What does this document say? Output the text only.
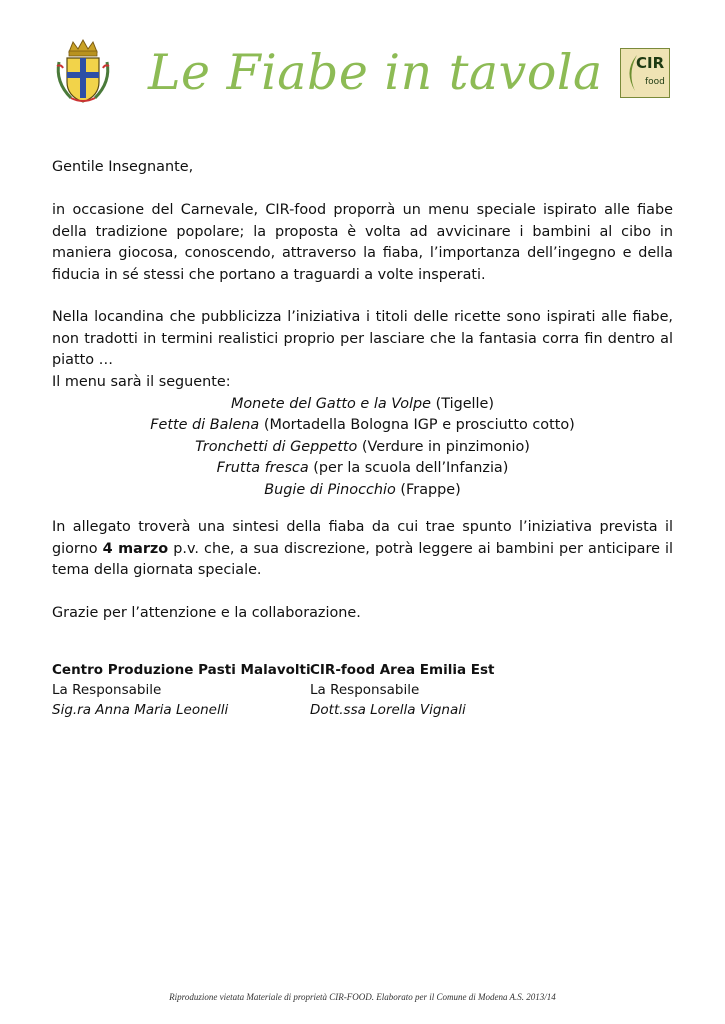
Le Fiabe in tavola CIR
food

Gentile Insegnante,

in occasione del Carnevale, CIR-food proporrà un menu speciale ispirato alle fiabe della tradizione popolare; la proposta è volta ad avvicinare i bambini al cibo in maniera giocosa, conoscendo, attraverso la fiaba, l’importanza dell’ingegno e della fiducia in sé stessi che portano a traguardi a volte insperati.

Nella locandina che pubblicizza l’iniziativa i titoli delle ricette sono ispirati alle fiabe, non tradotti in termini realistici proprio per lasciare che la fantasia corra fin dentro al piatto …

Il menu sarà il seguente:

Monete del Gatto e la Volpe (Tigelle)

Fette di Balena (Mortadella Bologna IGP e prosciutto cotto)

Tronchetti di Geppetto (Verdure in pinzimonio)

Frutta fresca (per la scuola dell’Infanzia)

Bugie di Pinocchio (Frappe)

In allegato troverà una sintesi della fiaba da cui trae spunto l’iniziativa prevista il giorno 4 marzo p.v. che, a sua discrezione, potrà leggere ai bambini per anticipare il tema della giornata speciale.

Grazie per l’attenzione e la collaborazione.

Centro Produzione Pasti Malavolti
La Responsabile
Sig.ra Anna Maria Leonelli
CIR-food Area Emilia Est
La Responsabile
Dott.ssa Lorella Vignali
Riproduzione vietata Materiale di proprietà CIR-FOOD. Elaborato per il Comune di Modena A.S. 2013/14
